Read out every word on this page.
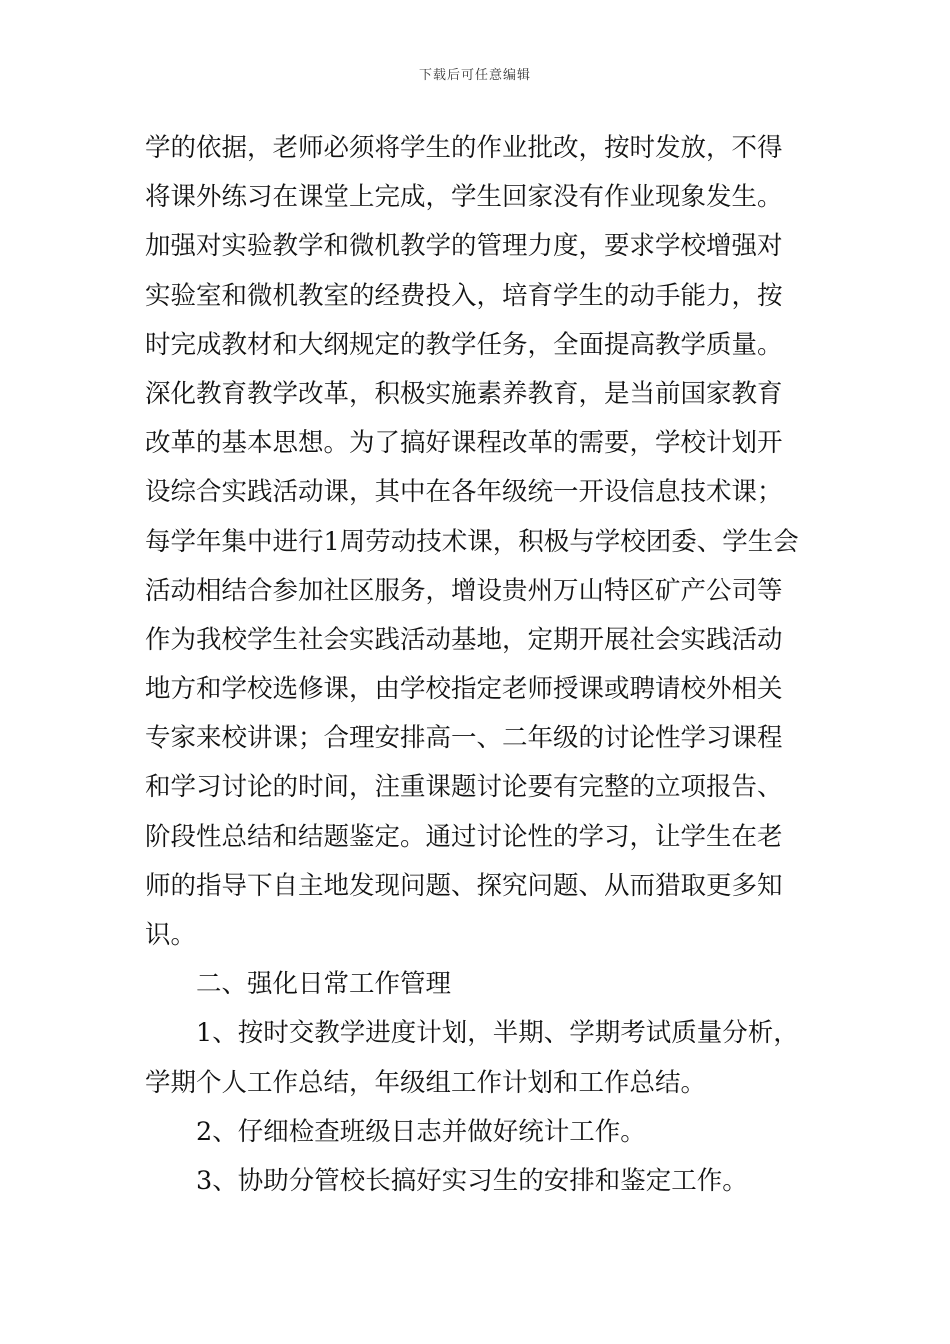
下载后可任意编辑
学的依据，老师必须将学生的作业批改，按时发放，不得
将课外练习在课堂上完成，学生回家没有作业现象发生。
加强对实验教学和微机教学的管理力度，要求学校增强对
实验室和微机教室的经费投入，培育学生的动手能力，按
时完成教材和大纲规定的教学任务，全面提高教学质量。
深化教育教学改革，积极实施素养教育，是当前国家教育
改革的基本思想。为了搞好课程改革的需要，学校计划开
设综合实践活动课，其中在各年级统一开设信息技术课；
每学年集中进行1周劳动技术课，积极与学校团委、学生会
活动相结合参加社区服务，增设贵州万山特区矿产公司等
作为我校学生社会实践活动基地，定期开展社会实践活动
地方和学校选修课，由学校指定老师授课或聘请校外相关
专家来校讲课；合理安排高一、二年级的讨论性学习课程
和学习讨论的时间，注重课题讨论要有完整的立项报告、
阶段性总结和结题鉴定。通过讨论性的学习，让学生在老
师的指导下自主地发现问题、探究问题、从而猎取更多知
识。
二、强化日常工作管理
1、按时交教学进度计划，半期、学期考试质量分析，
学期个人工作总结，年级组工作计划和工作总结。
2、仔细检查班级日志并做好统计工作。
3、协助分管校长搞好实习生的安排和鉴定工作。
